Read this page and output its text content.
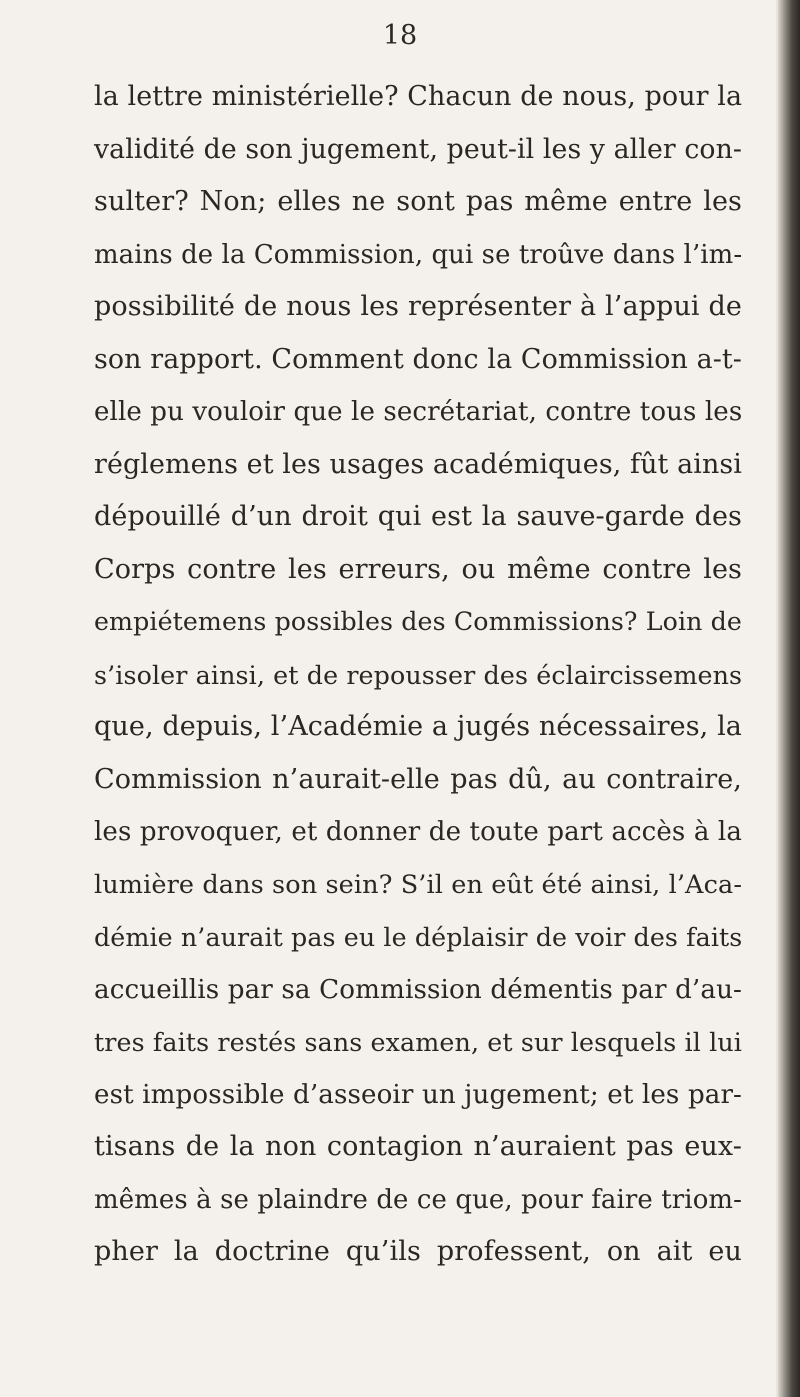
18
la lettre ministérielle? Chacun de nous, pour la
validité de son jugement, peut-il les y aller con-
sulter? Non; elles ne sont pas même entre les
mains de la Commission, qui se troûve dans l’im-
possibilité de nous les représenter à l’appui de
son rapport. Comment donc la Commission a-t-
elle pu vouloir que le secrétariat, contre tous les
réglemens et les usages académiques, fût ainsi
dépouillé d’un droit qui est la sauve-garde des
Corps contre les erreurs, ou même contre les
empiétemens possibles des Commissions? Loin de
s’isoler ainsi, et de repousser des éclaircissemens
que, depuis, l’Académie a jugés nécessaires, la
Commission n’aurait-elle pas dû, au contraire,
les provoquer, et donner de toute part accès à la
lumière dans son sein? S’il en eût été ainsi, l’Aca-
démie n’aurait pas eu le déplaisir de voir des faits
accueillis par sa Commission démentis par d’au-
tres faits restés sans examen, et sur lesquels il lui
est impossible d’asseoir un jugement; et les par-
tisans de la non contagion n’auraient pas eux-
mêmes à se plaindre de ce que, pour faire triom-
pher la doctrine qu’ils professent, on ait eu
